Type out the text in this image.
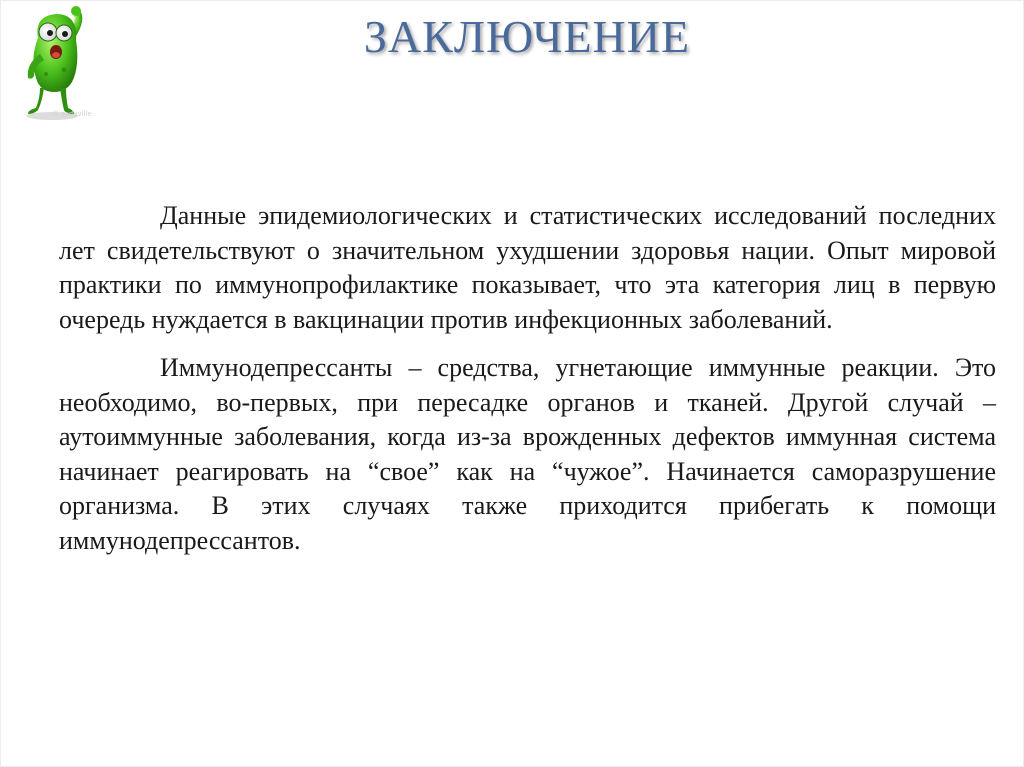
© scdaville
ЗАКЛЮЧЕНИЕ

Данные эпидемиологических и статистических исследований последних лет свидетельствуют о значительном ухудшении здоровья нации. Опыт мировой практики по иммунопрофилактике показывает, что эта категория лиц в первую очередь нуждается в вакцинации против инфекционных заболеваний.

Иммунодепрессанты – средства, угнетающие иммунные реакции. Это необходимо, во-первых, при пересадке органов и тканей. Другой случай – аутоиммунные заболевания, когда из-за врожденных дефектов иммунная система начинает реагировать на “свое” как на “чужое”. Начинается саморазрушение организма. В этих случаях также приходится прибегать к помощи иммунодепрессантов.
